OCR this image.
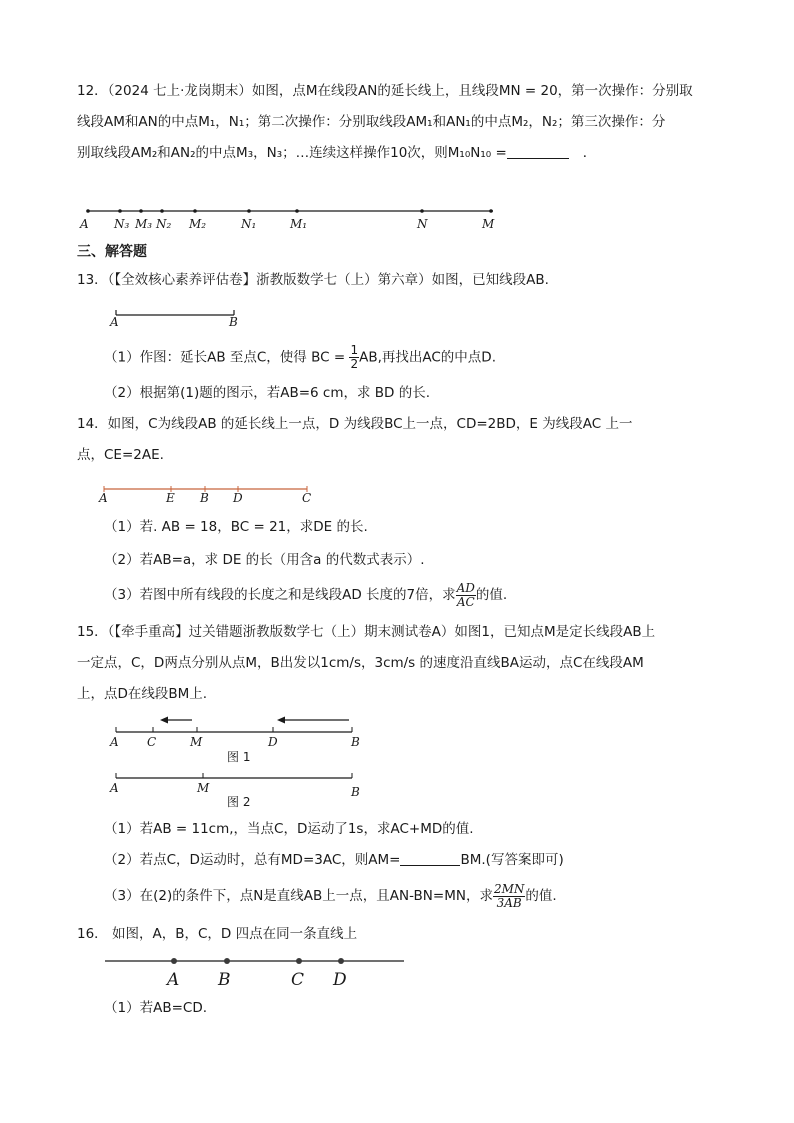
12．（2024 七上·龙岗期末）如图，点M在线段AN的延长线上，且线段MN = 20，第一次操作：分别取
线段AM和AN的中点M₁，N₁；第二次操作：分别取线段AM₁和AN₁的中点M₂，N₂；第三次操作：分
别取线段AM₂和AN₂的中点M₃，N₃；…连续这样操作10次，则M₁₀N₁₀ =	．
A N₃ M₃ N₂ M₂	N₁	M₁	N	M
A	B
A	E B D	C
A C	M	D	B
图 1
A	M	B
图 2
A B	C D
三、解答题
13．（【全效核心素养评估卷】浙教版数学七（上）第六章）如图，已知线段AB.
（1）作图：延长AB 至点C，使得 BC = $\frac{1}{2}$ AB,再找出AC的中点D.
（2）根据第(1)题的图示，若AB=6 cm，求 BD 的长.
14．如图，C为线段AB 的延长线上一点，D 为线段BC上一点，CD=2BD，E 为线段AC 上一
点，CE=2AE.
（1）若. AB = 18，BC = 21，求DE 的长.
（2）若AB=a，求 DE 的长（用含a 的代数式表示）.
（3）若图中所有线段的长度之和是线段AD 长度的7倍，求 $\frac{AD}{AC}$ 的值.
15．（【牵手重高】过关错题浙教版数学七（上）期末测试卷A）如图1，已知点M是定长线段AB上
一定点，C，D两点分别从点M，B出发以1cm/s，3cm/s 的速度沿直线BA运动，点C在线段AM
上，点D在线段BM上.
（1）若AB = 11cm,，当点C，D运动了1s，求AC+MD的值.
（2）若点C，D运动时，总有MD=3AC，则AM=	BM.(写答案即可)
（3）在(2)的条件下，点N是直线AB上一点，且AN-BN=MN，求 $\frac{2MN}{3AB}$ 的值.
16． 如图，A，B，C，D 四点在同一条直线上
（1）若AB=CD.
